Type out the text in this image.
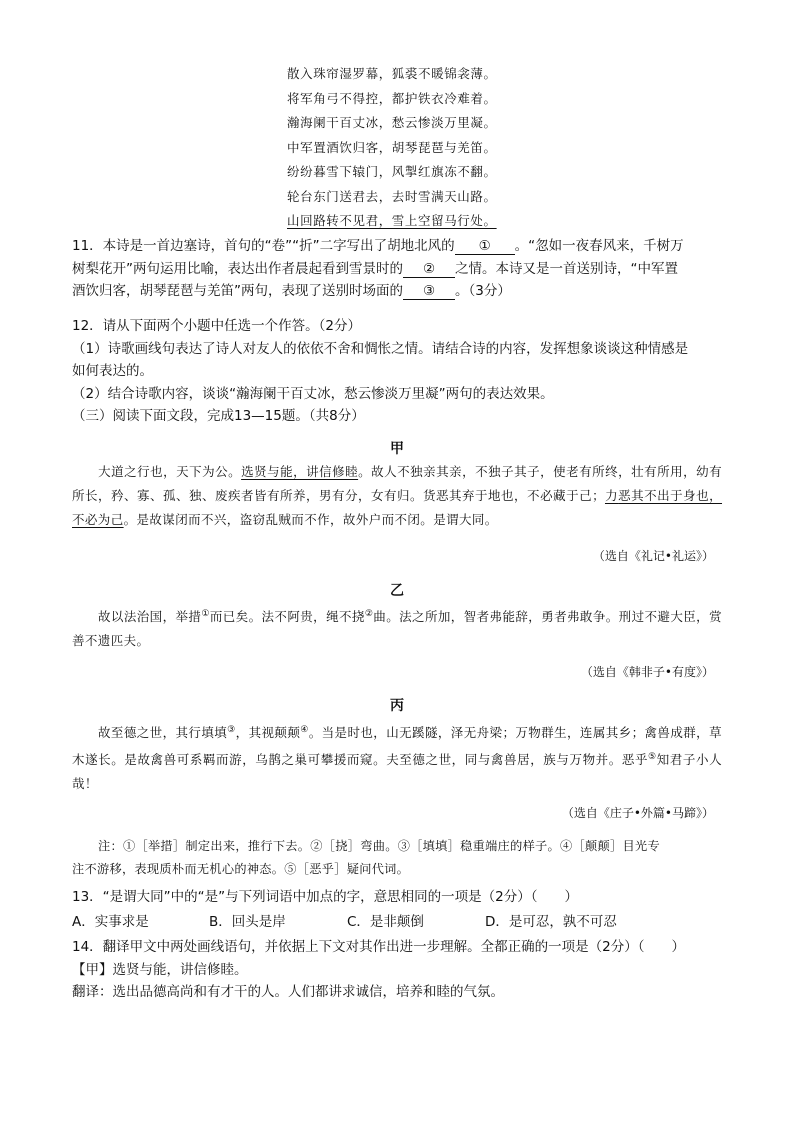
散入珠帘湿罗幕，狐裘不暖锦衾薄。
将军角弓不得控，都护铁衣冷难着。
瀚海阑干百丈冰，愁云惨淡万里凝。
中军置酒饮归客，胡琴琵琶与羌笛。
纷纷暮雪下辕门，风掣红旗冻不翻。
轮台东门送君去，去时雪满天山路。
山回路转不见君，雪上空留马行处。
11．本诗是一首边塞诗，首句的“卷”“折”二字写出了胡地北风的 ① 。“忽如一夜春风来，千树万
树梨花开”两句运用比喻，表达出作者晨起看到雪景时的 ② 之情。本诗又是一首送别诗，“中军置
酒饮归客，胡琴琵琶与羌笛”两句，表现了送别时场面的 ③ 。（3分）
12．请从下面两个小题中任选一个作答。（2分）
（1）诗歌画线句表达了诗人对友人的依依不舍和惆怅之情。请结合诗的内容，发挥想象谈谈这种情感是
如何表达的。
（2）结合诗歌内容，谈谈“瀚海阑干百丈冰，愁云惨淡万里凝”两句的表达效果。
（三）阅读下面文段，完成13—15题。（共8分）
甲
大道之行也，天下为公。选贤与能，讲信修睦。故人不独亲其亲，不独子其子，使老有所终，壮有所用，幼有所长，矜、寡、孤、独、废疾者皆有所养，男有分，女有归。货恶其弃于地也，不必藏于己；力恶其不出于身也，不必为己。是故谋闭而不兴，盗窃乱贼而不作，故外户而不闭。是谓大同。
（选自《礼记•礼运》）
乙
故以法治国，举措①而已矣。法不阿贵，绳不挠②曲。法之所加，智者弗能辞，勇者弗敢争。刑过不避大臣，赏善不遗匹夫。
（选自《韩非子•有度》）
丙
故至德之世，其行填填③，其视颠颠④。当是时也，山无蹊隧，泽无舟梁；万物群生，连属其乡；禽兽成群，草木遂长。是故禽兽可系羁而游，乌鹊之巢可攀援而窥。夫至德之世，同与禽兽居，族与万物并。恶乎⑤知君子小人哉！
（选自《庄子•外篇•马蹄》）
注：①［举措］制定出来，推行下去。②［挠］弯曲。③［填填］稳重端庄的样子。④［颠颠］目光专
注不游移，表现质朴而无机心的神态。⑤［恶乎］疑问代词。
13．“是谓大同”中的“是”与下列词语中加点的字，意思相同的一项是（2分）（　　）
A．实事求是	B．回头是岸	C．是非颠倒	D．是可忍，孰不可忍
14．翻译甲文中两处画线语句，并依据上下文对其作出进一步理解。全都正确的一项是（2分）（　　）
【甲】选贤与能，讲信修睦。
翻译：选出品德高尚和有才干的人。人们都讲求诚信，培养和睦的气氛。
